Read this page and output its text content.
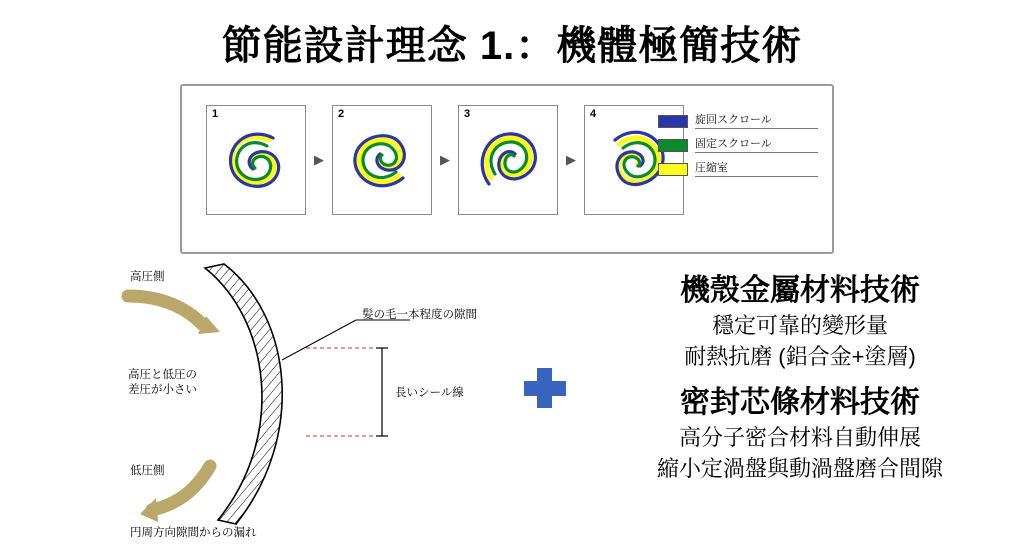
節能設計理念 1.：機體極簡技術
1
▶
2
▶
3
▶
4	旋回スクロール
固定スクロール
圧縮室
高圧側
高圧と低圧の
差圧が小さい
低圧側
円周方向隙間からの漏れ
髪の毛一本程度の隙間
長いシール線
機殼金屬材料技術
穩定可靠的變形量
耐熱抗磨 (鋁合金+塗層)
密封芯條材料技術
高分子密合材料自動伸展
縮小定渦盤與動渦盤磨合間隙
